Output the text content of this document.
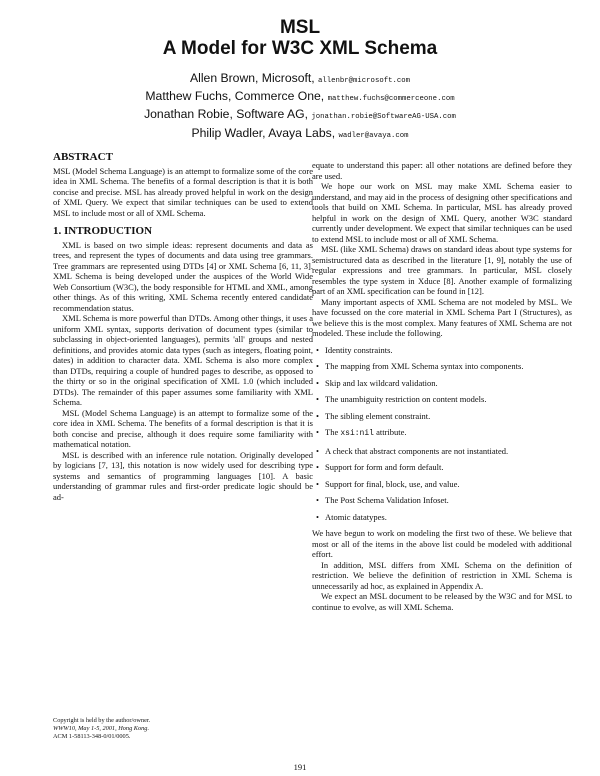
MSL
A Model for W3C XML Schema
Allen Brown, Microsoft, allenbr@microsoft.com
Matthew Fuchs, Commerce One, matthew.fuchs@commerceone.com
Jonathan Robie, Software AG, jonathan.robie@SoftwareAG-USA.com
Philip Wadler, Avaya Labs, wadler@avaya.com
ABSTRACT

MSL (Model Schema Language) is an attempt to formalize some of the core idea in XML Schema. The benefits of a formal description is that it is both concise and precise. MSL has already proved helpful in work on the design of XML Query. We expect that similar techniques can be used to extend MSL to include most or all of XML Schema.

1. INTRODUCTION

XML is based on two simple ideas: represent documents and data as trees, and represent the types of documents and data using tree grammars. Tree grammars are represented using DTDs [4] or XML Schema [6, 11, 3]. XML Schema is being developed under the auspices of the World Wide Web Consortium (W3C), the body responsible for HTML and XML, among other things. As of this writing, XML Schema recently entered candidate recommendation status.

XML Schema is more powerful than DTDs. Among other things, it uses a uniform XML syntax, supports derivation of document types (similar to subclassing in object-oriented languages), permits 'all' groups and nested definitions, and provides atomic data types (such as integers, floating point, dates) in addition to character data. XML Schema is also more complex than DTDs, requiring a couple of hundred pages to describe, as opposed to the thirty or so in the original specification of XML 1.0 (which included DTDs). The remainder of this paper assumes some familiarity with XML Schema.

MSL (Model Schema Language) is an attempt to formalize some of the core idea in XML Schema. The benefits of a formal description is that it is both concise and precise, although it does require some familiarity with mathematical notation.

MSL is described with an inference rule notation. Originally developed by logicians [7, 13], this notation is now widely used for describing type systems and semantics of programming languages [10]. A basic understanding of grammar rules and first-order predicate logic should be ad-

equate to understand this paper: all other notations are defined before they are used.

We hope our work on MSL may make XML Schema easier to understand, and may aid in the process of designing other specifications and tools that build on XML Schema. In particular, MSL has already proved helpful in work on the design of XML Query, another W3C standard currently under development. We expect that similar techniques can be used to extend MSL to include most or all of XML Schema.

MSL (like XML Schema) draws on standard ideas about type systems for semistructured data as described in the literature [1, 9], notably the use of regular expressions and tree grammars. In particular, MSL closely resembles the type system in Xduce [8]. Another example of formalizing part of an XML specification can be found in [12].

Many important aspects of XML Schema are not modeled by MSL. We have focussed on the core material in XML Schema Part I (Structures), as we believe this is the most complex. Many features of XML Schema are not modeled. These include the following.

• Identity constraints.
• The mapping from XML Schema syntax into components.
• Skip and lax wildcard validation.
• The unambiguity restriction on content models.
• The sibling element constraint.
• The xsi:nil attribute.
• A check that abstract components are not instantiated.
• Support for form and form default.
• Support for final, block, use, and value.
• The Post Schema Validation Infoset.
• Atomic datatypes.

We have begun to work on modeling the first two of these. We believe that most or all of the items in the above list could be modeled with additional effort.

In addition, MSL differs from XML Schema on the definition of restriction. We believe the definition of restriction in XML Schema is unnecessarily ad hoc, as explained in Appendix A.

We expect an MSL document to be released by the W3C and for MSL to continue to evolve, as will XML Schema.

Copyright is held by the author/owner.
WWW10, May 1-5, 2001, Hong Kong.
ACM 1-58113-348-0/01/0005.
191
